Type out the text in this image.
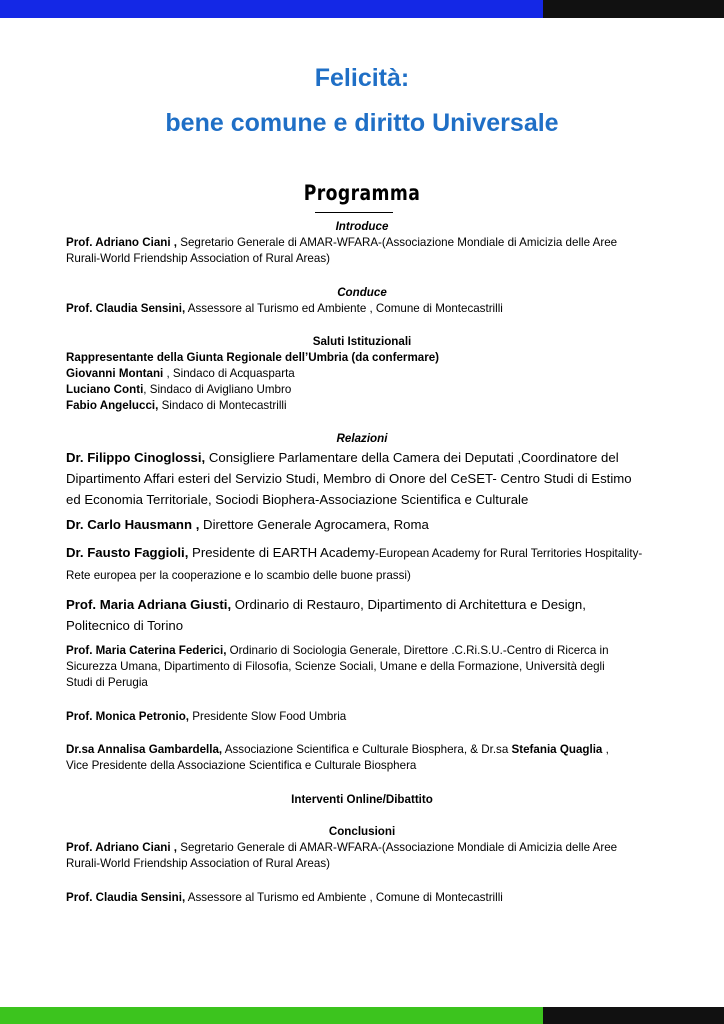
Felicità:
bene comune e diritto Universale
Programma
Introduce
Prof. Adriano Ciani , Segretario Generale di AMAR-WFARA-(Associazione Mondiale di Amicizia delle Aree
Rurali-World Friendship Association of Rural Areas)
Conduce
Prof. Claudia Sensini, Assessore al Turismo ed Ambiente , Comune di Montecastrilli
Saluti Istituzionali
Rappresentante della Giunta Regionale dell’Umbria (da confermare)
Giovanni Montani , Sindaco di Acquasparta
Luciano Conti, Sindaco di Avigliano Umbro
Fabio Angelucci, Sindaco di Montecastrilli
Relazioni
Dr. Filippo Cinoglossi, Consigliere Parlamentare della Camera dei Deputati ,Coordinatore del
Dipartimento Affari esteri del Servizio Studi, Membro di Onore del CeSET- Centro Studi di Estimo
ed Economia Territoriale, Sociodi Biophera-Associazione Scientifica e Culturale
Dr. Carlo Hausmann , Direttore Generale Agrocamera, Roma
Dr. Fausto Faggioli, Presidente di EARTH Academy-European Academy for Rural Territories Hospitality-
Rete europea per la cooperazione e lo scambio delle buone prassi)
Prof. Maria Adriana Giusti, Ordinario di Restauro, Dipartimento di Architettura e Design,
Politecnico di Torino
Prof. Maria Caterina Federici, Ordinario di Sociologia Generale, Direttore .C.Ri.S.U.-Centro di Ricerca in
Sicurezza Umana, Dipartimento di Filosofia, Scienze Sociali, Umane e della Formazione, Università degli
Studi di Perugia
Prof. Monica Petronio, Presidente Slow Food Umbria
Dr.sa Annalisa Gambardella, Associazione Scientifica e Culturale Biosphera, & Dr.sa Stefania Quaglia ,
Vice Presidente della Associazione Scientifica e Culturale Biosphera
Interventi Online/Dibattito
Conclusioni
Prof. Adriano Ciani , Segretario Generale di AMAR-WFARA-(Associazione Mondiale di Amicizia delle Aree
Rurali-World Friendship Association of Rural Areas)
Prof. Claudia Sensini, Assessore al Turismo ed Ambiente , Comune di Montecastrilli
